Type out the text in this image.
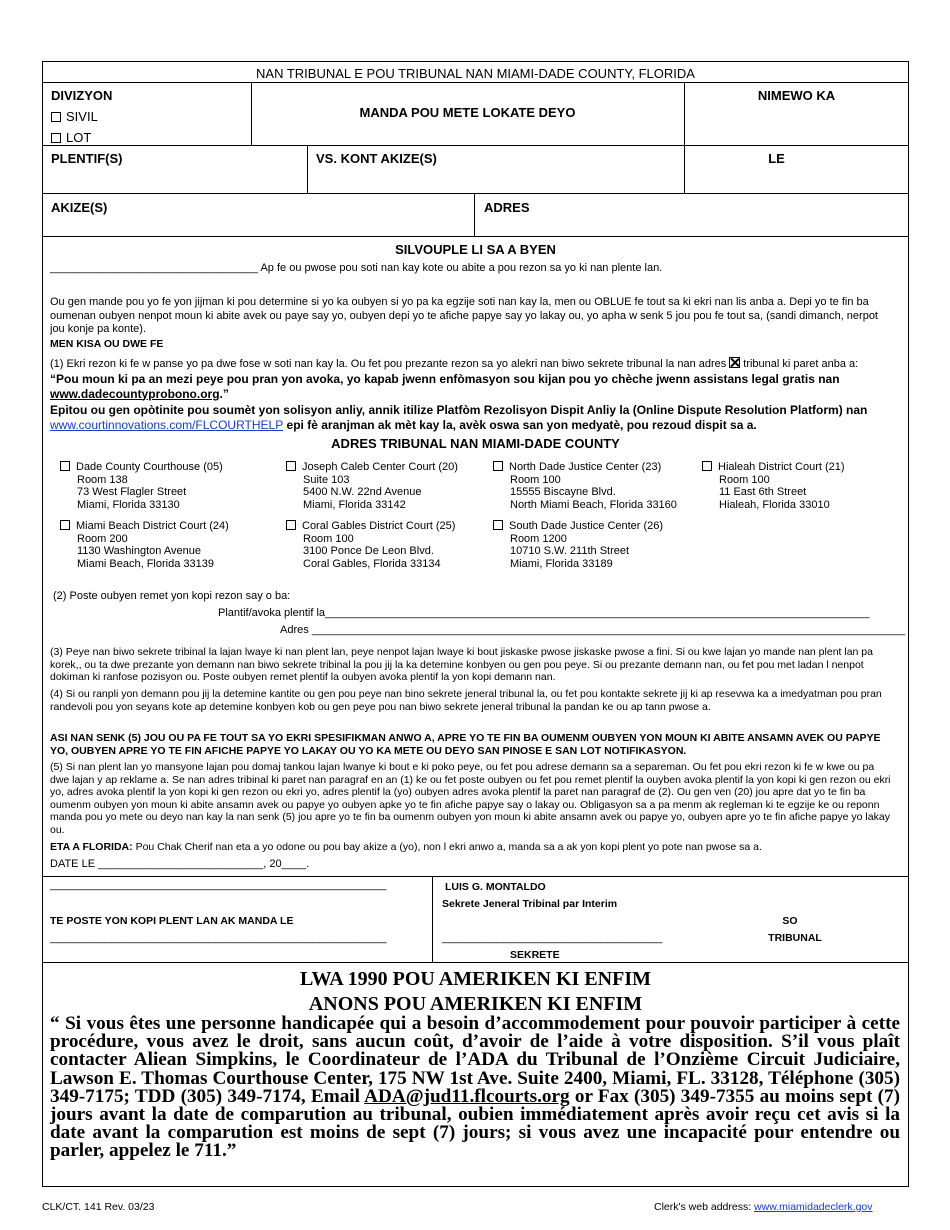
NAN TRIBUNAL E POU TRIBUNAL NAN MIAMI-DADE COUNTY, FLORIDA
DIVIZYON
SIVIL
LOT
MANDA POU METE LOKATE DEYO
NIMEWO KA
PLENTIF(S)	VS. KONT AKIZE(S)	LE
AKIZE(S)	ADRES
SILVOUPLE LI SA A BYEN
__________________________________ Ap fe ou pwose pou soti nan kay kote ou abite a pou rezon sa yo ki nan plente lan.
Ou gen mande pou yo fe yon jijman ki pou determine si yo ka oubyen si yo pa ka egzije soti nan kay la, men ou OBLUE fe tout sa ki ekri nan lis anba a. Depi yo te fin ba oumenan oubyen nenpot moun ki abite avek ou paye say yo, oubyen depi yo te afiche papye say yo lakay ou, yo apha w senk 5 jou pou fe tout sa, (sandi dimanch, nerpot jou konje pa konte).
MEN KISA OU DWE FE
(1) Ekri rezon ki fe w panse yo pa dwe fose w soti nan kay la. Ou fet pou prezante rezon sa yo alekri nan biwo sekrete tribunal la nan adres tribunal ki paret anba a:
“Pou moun ki pa an mezi peye pou pran yon avoka, yo kapab jwenn enfòmasyon sou kijan pou yo chèche jwenn assistans legal gratis nan www.dadecountyprobono.org.”
Epitou ou gen opòtinite pou soumèt yon solisyon anliy, annik itilize Platfòm Rezolisyon Dispit Anliy la (Online Dispute Resolution Platform) nan www.courtinnovations.com/FLCOURTHELP epi fè aranjman ak mèt kay la, avèk oswa san yon medyatè, pou rezoud dispit sa a.
ADRES TRIBUNAL NAN MIAMI-DADE COUNTY
Dade County Courthouse (05)
Room 138
73 West Flagler Street
Miami, Florida 33130
Joseph Caleb Center Court (20)
Suite 103
5400 N.W. 22nd Avenue
Miami, Florida 33142
North Dade Justice Center (23)
Room 100
15555 Biscayne Blvd.
North Miami Beach, Florida 33160
Hialeah District Court (21)
Room 100
11 East 6th Street
Hialeah, Florida 33010
Miami Beach District Court (24)
Room 200
1130 Washington Avenue
Miami Beach, Florida 33139
Coral Gables District Court (25)
Room 100
3100 Ponce De Leon Blvd.
Coral Gables, Florida 33134
South Dade Justice Center (26)
Room 1200
10710 S.W. 211th Street
Miami, Florida 33189
(2) Poste oubyen remet yon kopi rezon say o ba:
Plantif/avoka plentif la_________________________________________________________________________________________
Adres _________________________________________________________________________________________________
(3) Peye nan biwo sekrete tribinal la lajan lwaye ki nan plent lan, peye nenpot lajan lwaye ki bout jiskaske pwose jiskaske pwose a fini. Si ou kwe lajan yo mande nan plent lan pa korek,, ou ta dwe prezante yon demann nan biwo sekrete tribinal la pou jij la ka detemine konbyen ou gen pou peye. Si ou prezante demann nan, ou fet pou met ladan l nenpot dokiman ki ranfose pozisyon ou. Poste oubyen remet plentif la oubyen avoka plentif la yon kopi demann nan.
(4) Si ou ranpli yon demann pou jij la detemine kantite ou gen pou peye nan bino sekrete jeneral tribunal la, ou fet pou kontakte sekrete jij ki ap resevwa ka a imedyatman pou pran randevoli pou yon seyans kote ap detemine konbyen kob ou gen peye pou nan biwo sekrete jeneral tribunal la pandan ke ou ap tann pwose a.
ASI NAN SENK (5) JOU OU PA FE TOUT SA YO EKRI SPESIFIKMAN ANWO A, APRE YO TE FIN BA OUMENM OUBYEN YON MOUN KI ABITE ANSAMN AVEK OU PAPYE YO, OUBYEN APRE YO TE FIN AFICHE PAPYE YO LAKAY OU YO KA METE OU DEYO SAN PINOSE E SAN LOT NOTIFIKASYON.
(5) Si nan plent lan yo mansyone lajan pou domaj tankou lajan lwanye ki bout e ki poko peye, ou fet pou adrese demann sa a separeman. Ou fet pou ekri rezon ki fe w kwe ou pa dwe lajan y ap reklame a. Se nan adres tribinal ki paret nan paragraf en an (1) ke ou fet poste oubyen ou fet pou remet plentif la ouyben avoka plentif la yon kopi ki gen rezon ou ekri yo, adres avoka plentif la yon kopi ki gen rezon ou ekri yo, adres plentif la (yo) oubyen adres avoka plentif la paret nan paragraf de (2). Ou gen ven (20) jou apre dat yo te fin ba oumenm oubyen yon moun ki abite ansamn avek ou papye yo oubyen apke yo te fin afiche papye say o lakay ou. Obligasyon sa a pa menm ak regleman ki te egzije ke ou reponn manda pou yo mete ou deyo nan kay la nan senk (5) jou apre yo te fin ba oumenm oubyen yon moun ki abite ansamn avek ou papye yo, oubyen apre yo te fin afiche papye yo lakay ou.
ETA A FLORIDA: Pou Chak Cherif nan eta a yo odone ou pou bay akize a (yo), non l ekri anwo a, manda sa a ak yon kopi plent yo pote nan pwose sa a.
DATE LE ___________________________, 20____.
_______________________________________________________
TE POSTE YON KOPI PLENT LAN AK MANDA LE
_______________________________________________________
LUIS G. MONTALDO
Sekrete Jeneral Tribinal par Interim
SO
TRIBUNAL
____________________________________
SEKRETE
LWA 1990 POU AMERIKEN KI ENFIM
ANONS POU AMERIKEN KI ENFIM
“ Si vous êtes une personne handicapée qui a besoin d’accommodement pour pouvoir participer à cette procédure, vous avez le droit, sans aucun coût, d’avoir de l’aide à votre disposition. S’il vous plaît contacter Aliean Simpkins, le Coordinateur de l’ADA du Tribunal de l’Onzième Circuit Judiciaire, Lawson E. Thomas Courthouse Center, 175 NW 1st Ave. Suite 2400, Miami, FL. 33128, Téléphone (305) 349-7175; TDD (305) 349-7174, Email ADA@jud11.flcourts.org or Fax (305) 349-7355 au moins sept (7) jours avant la date de comparution au tribunal, oubien immédiatement après avoir reçu cet avis si la date avant la comparution est moins de sept (7) jours; si vous avez une incapacité pour entendre ou parler, appelez le 711.”
CLK/CT. 141 Rev. 03/23	Clerk's web address: www.miamidadeclerk.gov
